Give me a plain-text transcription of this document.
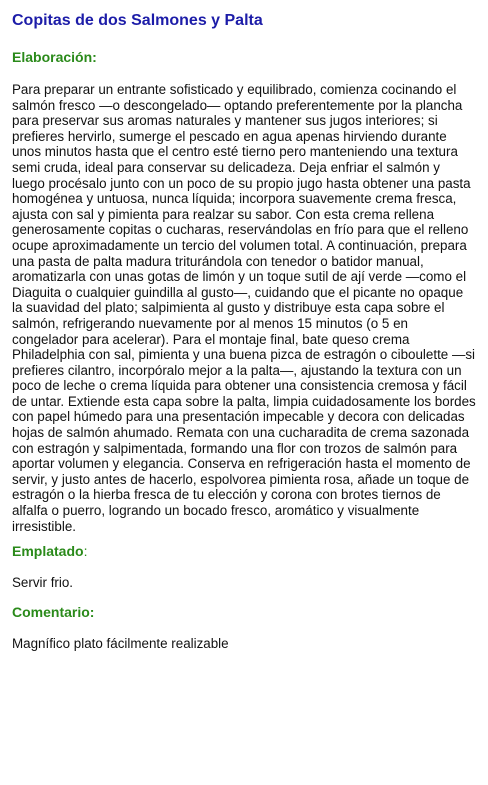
Copitas de dos Salmones y Palta
Elaboración:

Para preparar un entrante sofisticado y equilibrado, comienza cocinando el salmón fresco —o descongelado— optando preferentemente por la plancha para preservar sus aromas naturales y mantener sus jugos interiores; si prefieres hervirlo, sumerge el pescado en agua apenas hirviendo durante unos minutos hasta que el centro esté tierno pero manteniendo una textura semi cruda, ideal para conservar su delicadeza. Deja enfriar el salmón y luego procésalo junto con un poco de su propio jugo hasta obtener una pasta homogénea y untuosa, nunca líquida; incorpora suavemente crema fresca, ajusta con sal y pimienta para realzar su sabor. Con esta crema rellena generosamente copitas o cucharas, reservándolas en frío para que el relleno ocupe aproximadamente un tercio del volumen total. A continuación, prepara una pasta de palta madura triturándola con tenedor o batidor manual, aromatizarla con unas gotas de limón y un toque sutil de ají verde —como el Diaguita o cualquier guindilla al gusto—, cuidando que el picante no opaque la suavidad del plato; salpimienta al gusto y distribuye esta capa sobre el salmón, refrigerando nuevamente por al menos 15 minutos (o 5 en congelador para acelerar). Para el montaje final, bate queso crema Philadelphia con sal, pimienta y una buena pizca de estragón o ciboulette —si prefieres cilantro, incorpóralo mejor a la palta—, ajustando la textura con un poco de leche o crema líquida para obtener una consistencia cremosa y fácil de untar. Extiende esta capa sobre la palta, limpia cuidadosamente los bordes con papel húmedo para una presentación impecable y decora con delicadas hojas de salmón ahumado. Remata con una cucharadita de crema sazonada con estragón y salpimentada, formando una flor con trozos de salmón para aportar volumen y elegancia. Conserva en refrigeración hasta el momento de servir, y justo antes de hacerlo, espolvorea pimienta rosa, añade un toque de estragón o la hierba fresca de tu elección y corona con brotes tiernos de alfalfa o puerro, logrando un bocado fresco, aromático y visualmente irresistible.

Emplatado:

Servir frio.

Comentario:

Magnífico plato fácilmente realizable
